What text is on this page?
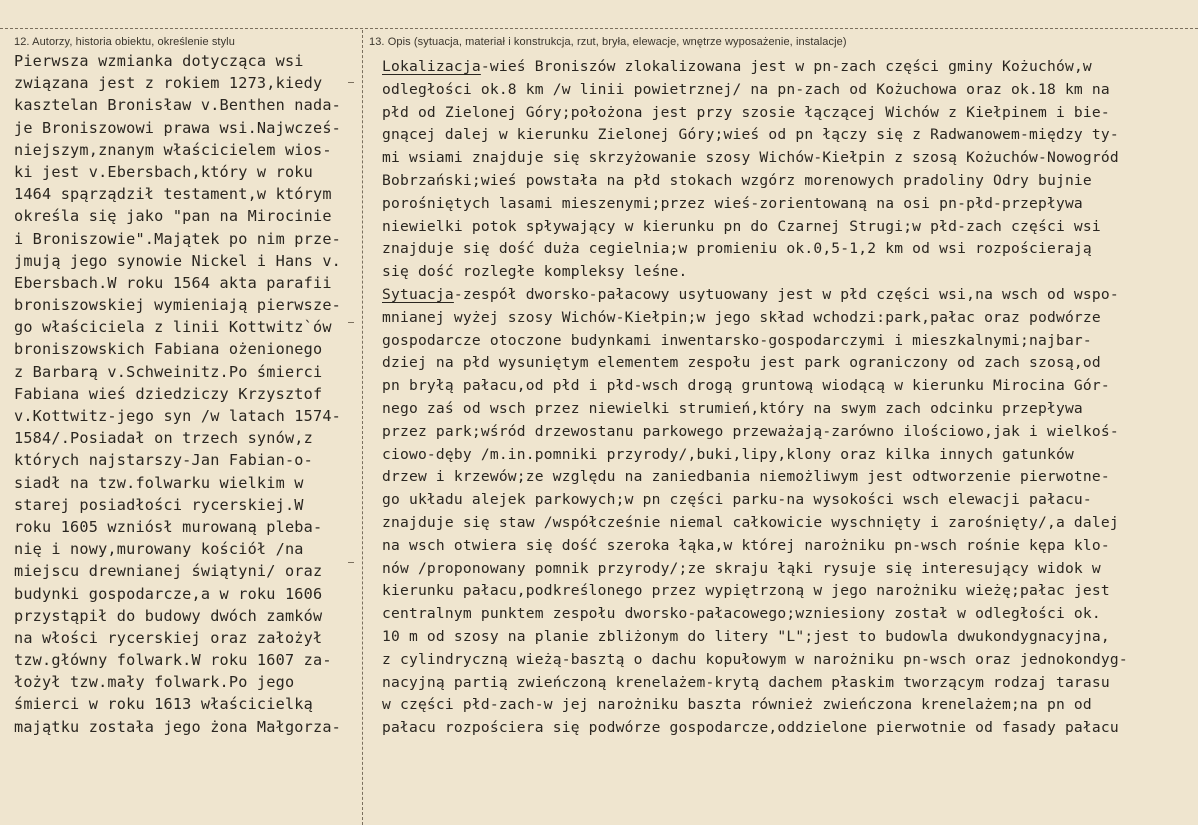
12. Autorzy, historia obiektu, określenie stylu	13. Opis (sytuacja, materiał i konstrukcja, rzut, bryła, elewacje, wnętrze wyposażenie, instalacje)
Pierwsza wzmianka dotycząca wsi
związana jest z rokiem 1273,kiedy
kasztelan Bronisław v.Benthen nada-
je Broniszowowi prawa wsi.Najwcześ-
niejszym,znanym właścicielem wios-
ki jest v.Ebersbach,który w roku
1464 spąrządził testament,w którym
określa się jako "pan na Mirocinie
i Broniszowie".Majątek po nim prze-
jmują jego synowie Nickel i Hans v.
Ebersbach.W roku 1564 akta parafii
broniszowskiej wymieniają pierwsze-
go właściciela z linii Kottwitz`ów
broniszowskich Fabiana ożenionego
z Barbarą v.Schweinitz.Po śmierci
Fabiana wieś dziedziczy Krzysztof
v.Kottwitz-jego syn /w latach 1574-
1584/.Posiadał on trzech synów,z
których najstarszy-Jan Fabian-o-
siadł na tzw.folwarku wielkim w
starej posiadłości rycerskiej.W
roku 1605 wzniósł murowaną pleba-
nię i nowy,murowany kościół /na
miejscu drewnianej świątyni/ oraz
budynki gospodarcze,a w roku 1606
przystąpił do budowy dwóch zamków
na włości rycerskiej oraz założył
tzw.główny folwark.W roku 1607 za-
łożył tzw.mały folwark.Po jego
śmierci w roku 1613 właścicielką
majątku została jego żona Małgorza-
Lokalizacja-wieś Broniszów zlokalizowana jest w pn-zach części gminy Kożuchów,w
odległości ok.8 km /w linii powietrznej/ na pn-zach od Kożuchowa oraz ok.18 km na
płd od Zielonej Góry;położona jest przy szosie łączącej Wichów z Kiełpinem i bie-
gnącej dalej w kierunku Zielonej Góry;wieś od pn łączy się z Radwanowem-między ty-
mi wsiami znajduje się skrzyżowanie szosy Wichów-Kiełpin z szosą Kożuchów-Nowogród
Bobrzański;wieś powstała na płd stokach wzgórz morenowych pradoliny Odry bujnie
porośniętych lasami mieszenymi;przez wieś-zorientowaną na osi pn-płd-przepływa
niewielki potok spływający w kierunku pn do Czarnej Strugi;w płd-zach części wsi
znajduje się dość duża cegielnia;w promieniu ok.0,5-1,2 km od wsi rozpościerają
się dość rozległe kompleksy leśne.
Sytuacja-zespół dworsko-pałacowy usytuowany jest w płd części wsi,na wsch od wspo-
mnianej wyżej szosy Wichów-Kiełpin;w jego skład wchodzi:park,pałac oraz podwórze
gospodarcze otoczone budynkami inwentarsko-gospodarczymi i mieszkalnymi;najbar-
dziej na płd wysuniętym elementem zespołu jest park ograniczony od zach szosą,od
pn bryłą pałacu,od płd i płd-wsch drogą gruntową wiodącą w kierunku Mirocina Gór-
nego zaś od wsch przez niewielki strumień,który na swym zach odcinku przepływa
przez park;wśród drzewostanu parkowego przeważają-zarówno ilościowo,jak i wielkoś-
ciowo-dęby /m.in.pomniki przyrody/,buki,lipy,klony oraz kilka innych gatunków
drzew i krzewów;ze względu na zaniedbania niemożliwym jest odtworzenie pierwotne-
go układu alejek parkowych;w pn części parku-na wysokości wsch elewacji pałacu-
znajduje się staw /współcześnie niemal całkowicie wyschnięty i zarośnięty/,a dalej
na wsch otwiera się dość szeroka łąka,w której narożniku pn-wsch rośnie kępa klo-
nów /proponowany pomnik przyrody/;ze skraju łąki rysuje się interesujący widok w
kierunku pałacu,podkreślonego przez wypiętrzoną w jego narożniku wieżę;pałac jest
centralnym punktem zespołu dworsko-pałacowego;wzniesiony został w odległości ok.
10 m od szosy na planie zbliżonym do litery "L";jest to budowla dwukondygnacyjna,
z cylindryczną wieżą-basztą o dachu kopułowym w narożniku pn-wsch oraz jednokondyg-
nacyjną partią zwieńczoną krenelażem-krytą dachem płaskim tworzącym rodzaj tarasu
w części płd-zach-w jej narożniku baszta również zwieńczona krenelażem;na pn od
pałacu rozpościera się podwórze gospodarcze,oddzielone pierwotnie od fasady pałacu
